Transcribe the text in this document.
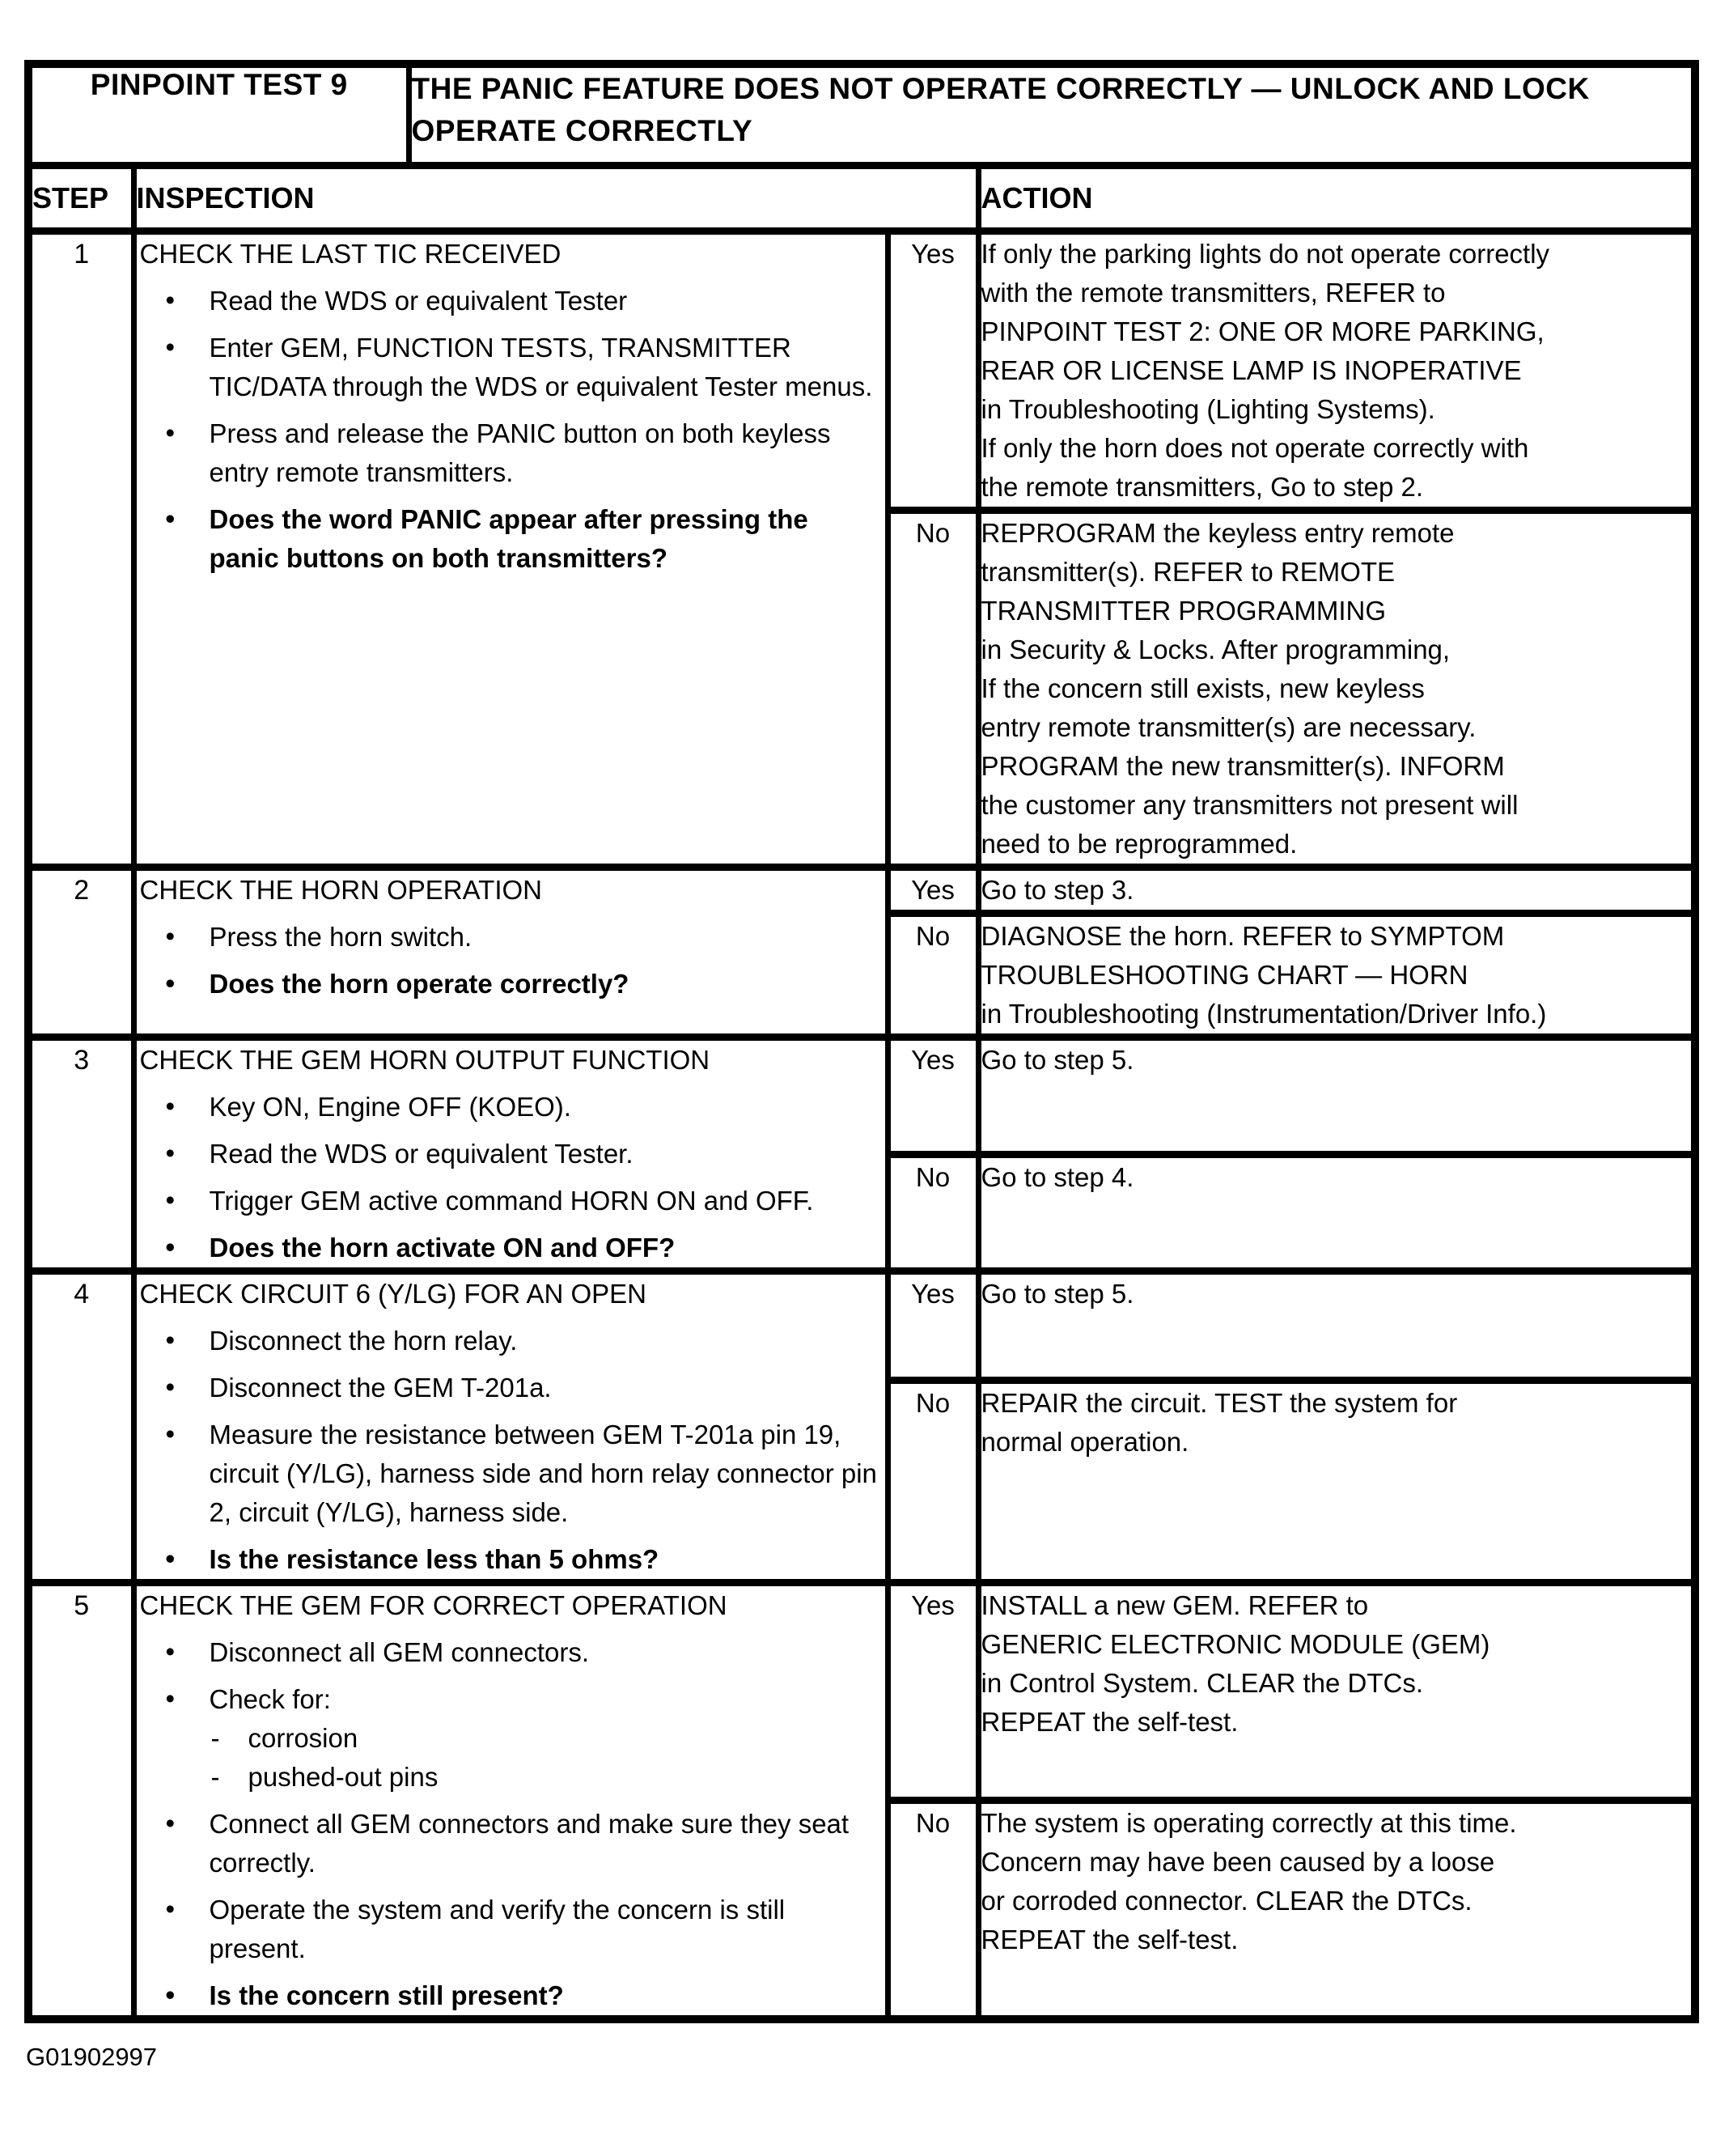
PINPOINT TEST 9		THE PANIC FEATURE DOES NOT OPERATE CORRECTLY — UNLOCK AND LOCK OPERATE CORRECTLY		
STEP	INSPECTION			ACTION

1	CHECK THE LAST TIC RECEIVED
• Read the WDS or equivalent Tester
• Enter GEM, FUNCTION TESTS, TRANSMITTER TIC/DATA through the WDS or equivalent Tester menus.
• Press and release the PANIC button on both keyless entry remote transmitters.
• Does the word PANIC appear after pressing the panic buttons on both transmitters?

Yes	If only the parking lights do not operate correctly
with the remote transmitters, REFER to
PINPOINT TEST 2: ONE OR MORE PARKING,
REAR OR LICENSE LAMP IS INOPERATIVE
in Troubleshooting (Lighting Systems).
If only the horn does not operate correctly with
the remote transmitters, Go to step 2.

No	REPROGRAM the keyless entry remote
transmitter(s). REFER to REMOTE
TRANSMITTER PROGRAMMING
in Security & Locks. After programming,
If the concern still exists, new keyless
entry remote transmitter(s) are necessary.
PROGRAM the new transmitter(s). INFORM
the customer any transmitters not present will
need to be reprogrammed.

2	CHECK THE HORN OPERATION
• Press the horn switch.
• Does the horn operate correctly?

Yes	Go to step 3.

			No	DIAGNOSE the horn. REFER to SYMPTOM
TROUBLESHOOTING CHART — HORN
in Troubleshooting (Instrumentation/Driver Info.)

3	CHECK THE GEM HORN OUTPUT FUNCTION
• Key ON, Engine OFF (KOEO).
• Read the WDS or equivalent Tester.
• Trigger GEM active command HORN ON and OFF.
• Does the horn activate ON and OFF?

Yes	Go to step 5.

			No	Go to step 4.

4	CHECK CIRCUIT 6 (Y/LG) FOR AN OPEN
• Disconnect the horn relay.
• Disconnect the GEM T-201a.
• Measure the resistance between GEM T-201a pin 19, circuit (Y/LG), harness side and horn relay connector pin 2, circuit (Y/LG), harness side.
• Is the resistance less than 5 ohms?

Yes	Go to step 5.

			No	REPAIR the circuit. TEST the system for
normal operation.

5	CHECK THE GEM FOR CORRECT OPERATION
• Disconnect all GEM connectors.
• Check for:
- corrosion
- pushed-out pins
• Connect all GEM connectors and make sure they seat correctly.
• Operate the system and verify the concern is still present.
• Is the concern still present?

Yes	INSTALL a new GEM. REFER to
GENERIC ELECTRONIC MODULE (GEM)
in Control System. CLEAR the DTCs.
REPEAT the self-test.

			No	The system is operating correctly at this time.
Concern may have been caused by a loose
or corroded connector. CLEAR the DTCs.
REPEAT the self-test.
G01902997
